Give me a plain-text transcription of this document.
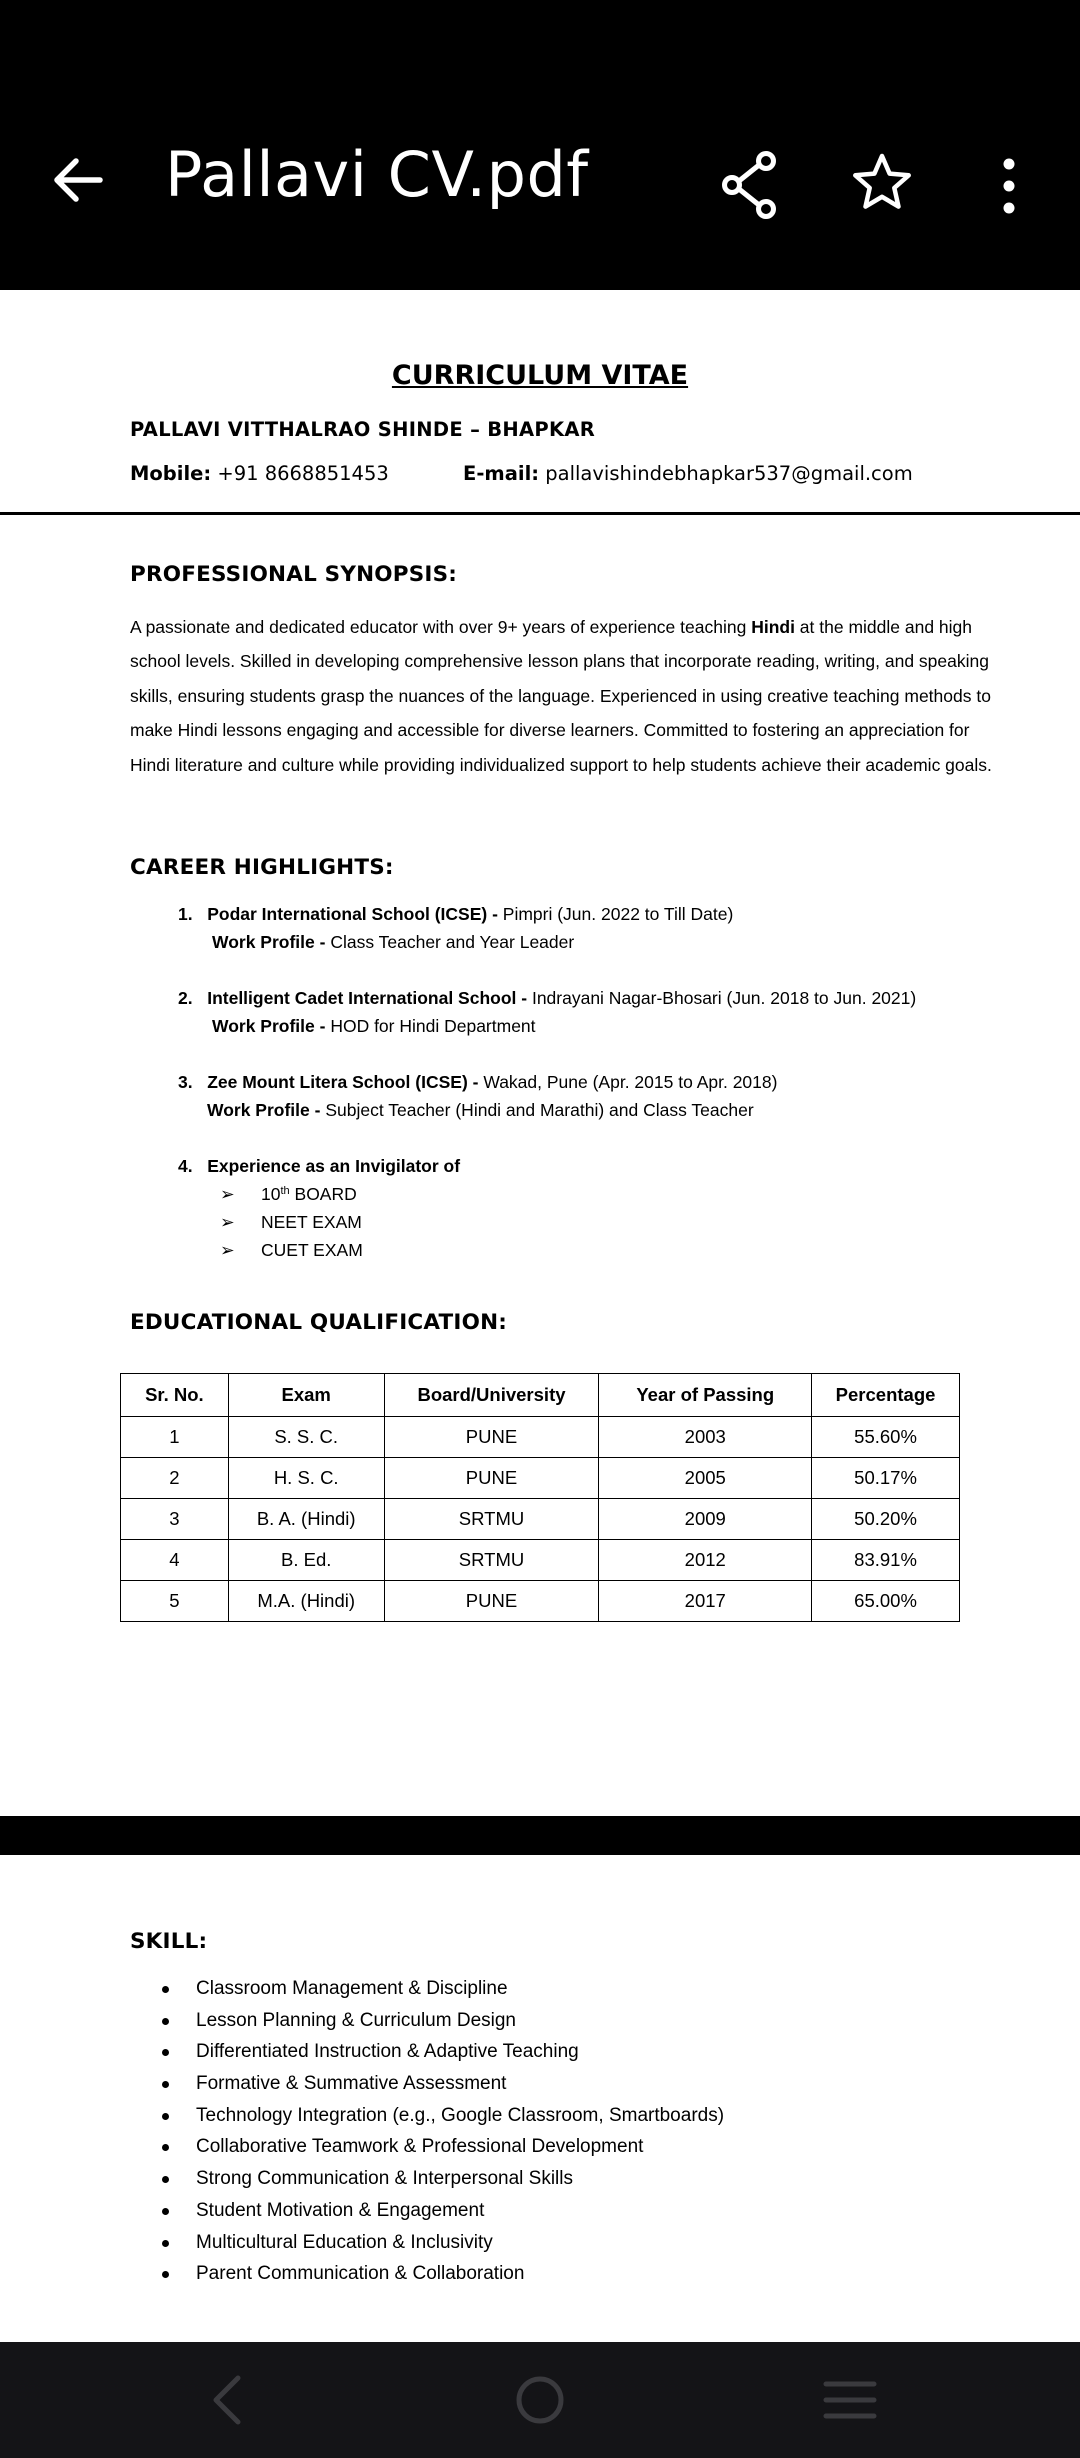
Pallavi CV.pdf
CURRICULUM VITAE
PALLAVI VITTHALRAO SHINDE – BHAPKAR
Mobile: +91 8668851453	E-mail: pallavishindebhapkar537@gmail.com
PROFESSIONAL SYNOPSIS:
A passionate and dedicated educator with over 9+ years of experience teaching Hindi at the middle and high school levels. Skilled in developing comprehensive lesson plans that incorporate reading, writing, and speaking skills, ensuring students grasp the nuances of the language. Experienced in using creative teaching methods to make Hindi lessons engaging and accessible for diverse learners. Committed to fostering an appreciation for Hindi literature and culture while providing individualized support to help students achieve their academic goals.
CAREER HIGHLIGHTS:
1. Podar International School (ICSE) - Pimpri (Jun. 2022 to Till Date)
Work Profile - Class Teacher and Year Leader
2. Intelligent Cadet International School - Indrayani Nagar-Bhosari (Jun. 2018 to Jun. 2021)
Work Profile - HOD for Hindi Department
3. Zee Mount Litera School (ICSE) - Wakad, Pune (Apr. 2015 to Apr. 2018)
Work Profile - Subject Teacher (Hindi and Marathi) and Class Teacher
4. Experience as an Invigilator of
➢ 10th BOARD
➢ NEET EXAM
➢ CUET EXAM
EDUCATIONAL QUALIFICATION:
Sr. No.	Exam	Board/University	Year of Passing	Percentage
1	S. S. C.	PUNE	2003	55.60%
2	H. S. C.	PUNE	2005	50.17%
3	B. A. (Hindi)	SRTMU	2009	50.20%
4	B. Ed.	SRTMU	2012	83.91%
5	M.A. (Hindi)	PUNE	2017	65.00%
SKILL:
Classroom Management & Discipline
Lesson Planning & Curriculum Design
Differentiated Instruction & Adaptive Teaching
Formative & Summative Assessment
Technology Integration (e.g., Google Classroom, Smartboards)
Collaborative Teamwork & Professional Development
Strong Communication & Interpersonal Skills
Student Motivation & Engagement
Multicultural Education & Inclusivity
Parent Communication & Collaboration
